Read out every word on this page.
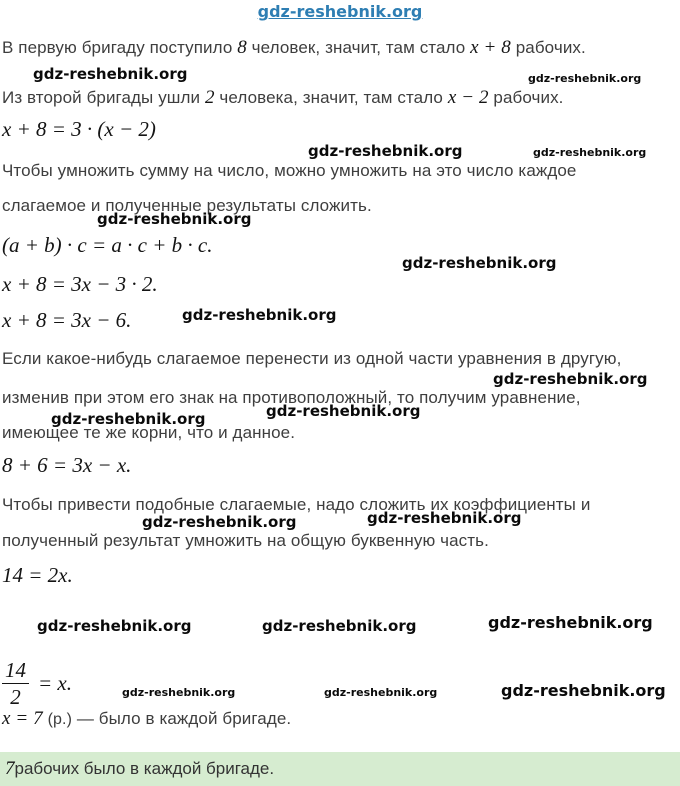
gdz-reshebnik.org
В первую бригаду поступило 8 человек, значит, там стало x + 8 рабочих.
gdz-reshebnik.org	gdz-reshebnik.org
Из второй бригады ушли 2 человека, значит, там стало x − 2 рабочих.
x + 8 = 3 · (x − 2)
gdz-reshebnik.org	gdz-reshebnik.org
Чтобы умножить сумму на число, можно умножить на это число каждое
слагаемое и полученные результаты сложить.
gdz-reshebnik.org
(a + b) · c = a · c + b · c.
gdz-reshebnik.org
x + 8 = 3x − 3 · 2.
x + 8 = 3x − 6.	gdz-reshebnik.org
Если какое-нибудь слагаемое перенести из одной части уравнения в другую,
gdz-reshebnik.org
изменив при этом его знак на противоположный, то получим уравнение,
gdz-reshebnik.org
gdz-reshebnik.org
имеющее те же корни, что и данное.
8 + 6 = 3x − x.
Чтобы привести подобные слагаемые, надо сложить их коэффициенты и
gdz-reshebnik.org
gdz-reshebnik.org
полученный результат умножить на общую буквенную часть.
14 = 2x.
gdz-reshebnik.org	gdz-reshebnik.org	gdz-reshebnik.org
$\frac{14}{2} = x$.	gdz-reshebnik.org	gdz-reshebnik.org	gdz-reshebnik.org
x = 7 (р.) — было в каждой бригаде.
7 рабочих было в каждой бригаде.
